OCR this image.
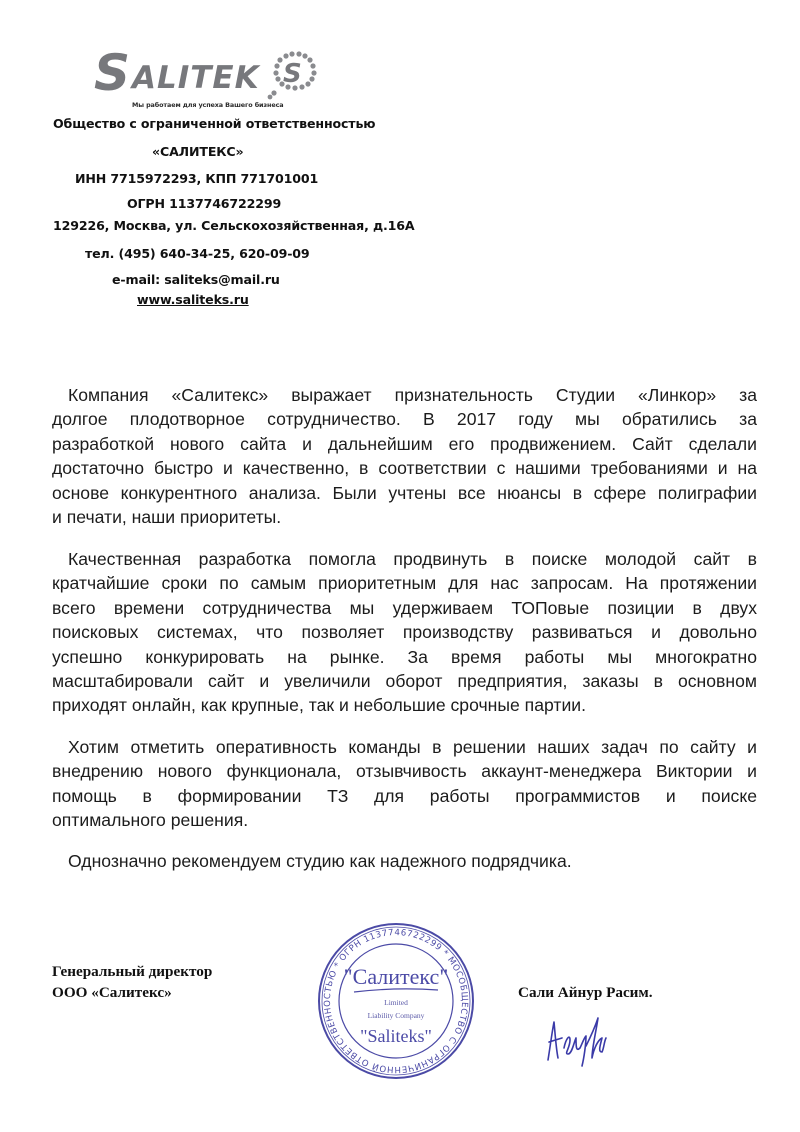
S ALITEK S
Мы работаем для успеха Вашего бизнеса
Общество с ограниченной ответственностью
«САЛИТЕКС»
ИНН 7715972293, КПП 771701001
ОГРН 1137746722299
129226, Москва, ул. Сельскохозяйственная, д.16А
тел. (495) 640-34-25, 620-09-09
e-mail: saliteks@mail.ru
www.saliteks.ru
Компания «Салитекс» выражает признательность Студии «Линкор» за
долгое плодотворное сотрудничество. В 2017 году мы обратились за
разработкой нового сайта и дальнейшим его продвижением. Сайт сделали
достаточно быстро и качественно, в соответствии с нашими требованиями и на
основе конкурентного анализа. Были учтены все нюансы в сфере полиграфии
и печати, наши приоритеты.
Качественная разработка помогла продвинуть в поиске молодой сайт в
кратчайшие сроки по самым приоритетным для нас запросам. На протяжении
всего времени сотрудничества мы удерживаем ТОПовые позиции в двух
поисковых системах, что позволяет производству развиваться и довольно
успешно конкурировать на рынке. За время работы мы многократно
масштабировали сайт и увеличили оборот предприятия, заказы в основном
приходят онлайн, как крупные, так и небольшие срочные партии.
Хотим отметить оперативность команды в решении наших задач по сайту и
внедрению нового функционала, отзывчивость аккаунт-менеджера Виктории и
помощь в формировании ТЗ для работы программистов и поиске
оптимального решения.
Однозначно рекомендуем студию как надежного подрядчика.
Генеральный директор
ООО «Салитекс»	Сали Айнур Расим.
ОБЩЕСТВО С ОГРАНИЧЕННОЙ ОТВЕТСТВЕННОСТЬЮ * ОГРН 1137746722299 * МОС
"Салитекс"
Limited
Liability Company
"Saliteks"
